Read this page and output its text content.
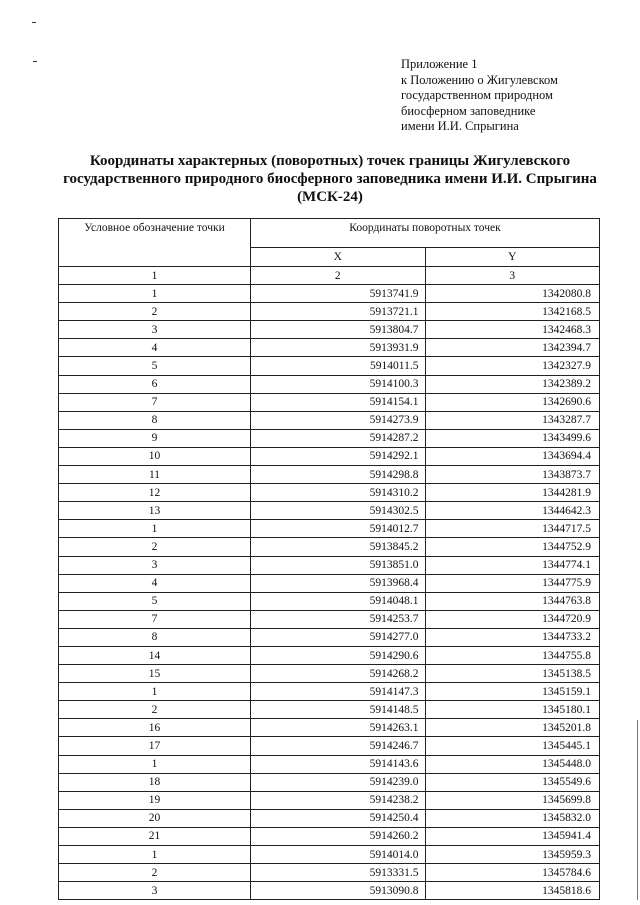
Приложение 1
к Положению о Жигулевском
государственном природном
биосферном заповеднике
имени И.И. Спрыгина
Координаты характерных (поворотных) точек границы Жигулевского
государственного природного биосферного заповедника имени И.И. Спрыгина
(МСК-24)
Условное обозначение точки	Координаты поворотных точек	
	X	Y
1	2	3
1	5913741.9	1342080.8
2	5913721.1	1342168.5
3	5913804.7	1342468.3
4	5913931.9	1342394.7
5	5914011.5	1342327.9
6	5914100.3	1342389.2
7	5914154.1	1342690.6
8	5914273.9	1343287.7
9	5914287.2	1343499.6
10	5914292.1	1343694.4
11	5914298.8	1343873.7
12	5914310.2	1344281.9
13	5914302.5	1344642.3
1	5914012.7	1344717.5
2	5913845.2	1344752.9
3	5913851.0	1344774.1
4	5913968.4	1344775.9
5	5914048.1	1344763.8
7	5914253.7	1344720.9
8	5914277.0	1344733.2
14	5914290.6	1344755.8
15	5914268.2	1345138.5
1	5914147.3	1345159.1
2	5914148.5	1345180.1
16	5914263.1	1345201.8
17	5914246.7	1345445.1
1	5914143.6	1345448.0
18	5914239.0	1345549.6
19	5914238.2	1345699.8
20	5914250.4	1345832.0
21	5914260.2	1345941.4
1	5914014.0	1345959.3
2	5913331.5	1345784.6
3	5913090.8	1345818.6
